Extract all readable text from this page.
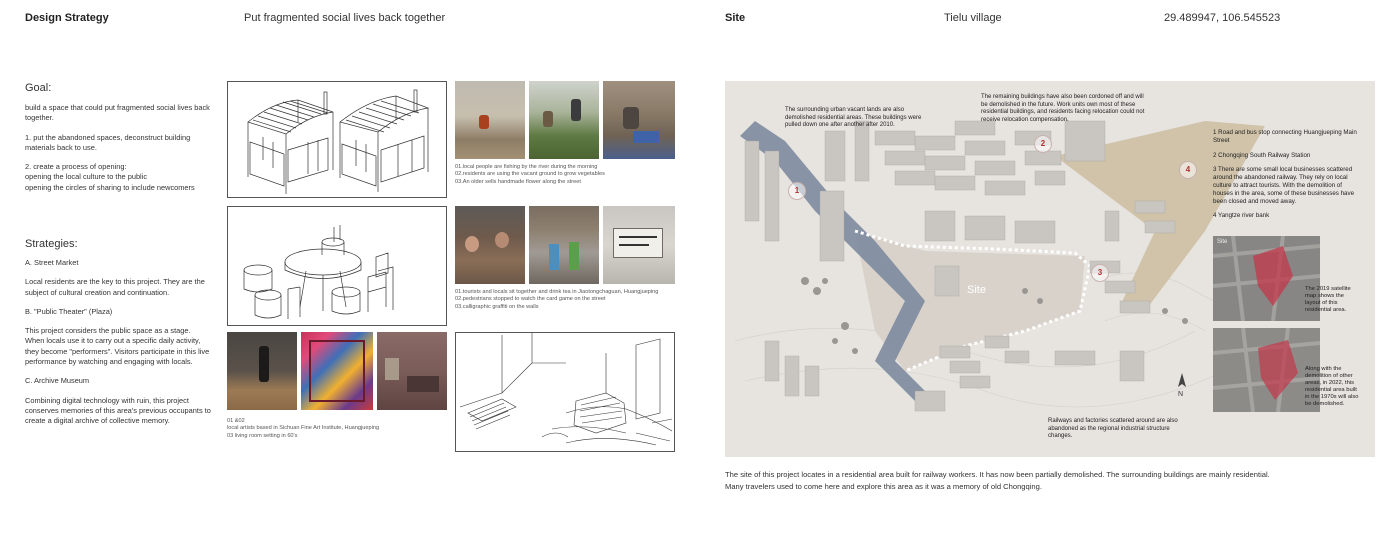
Design Strategy	Put fragmented social lives back together	Site	Tielu village	29.489947, 106.545523
Goal:
build a space that could put fragmented social lives back together.
1. put the abandoned spaces, deconstruct building materials back to use.
2. create a process of opening:
opening the local culture to the public
opening the circles of sharing to include newcomers
Strategies:
A. Street Market
Local residents are the key to this project. They are the subject of cultural creation and continuation.
B. "Public Theater" (Plaza)
This project considers the public space as a stage. When locals use it to carry out a specific daily activity, they become "performers". Visitors participate in this live performance by watching and engaging with locals.
C. Archive Museum
Combining digital technology with ruin, this project conserves memories of this area's previous occupants to create a digital archive of collective memory.
01.local people are fishing by the river during the morning
02.residents are using the vacant ground to grow vegetables
03.An older sells handmade flower along the street
01.tourists and locals sit together and drink tea in Jiaotongchaguan, Huangjueping
02.pedestrians stopped to watch the card game on the street
03.calligraphic graffiti on the walls
01 &02
local artists based in Sichuan Fine Art Institute, Huangjueping
03 living room setting in 60's
The surrounding urban vacant lands are also demolished residential areas. These buildings were pulled down one after another after 2010.
The remaining buildings have also been cordoned off and will be demolished in the future. Work units own most of these residential buildings, and residents facing relocation could not receive relocation compensation.
Railways and factories scattered around are also abandoned as the regional industrial structure changes.
Site
N
1
2
3
4

1 Road and bus stop connecting Huangjueping Main Street

2 Chongqing South Railway Station

3 There are some small local businesses scattered around the abandoned railway. They rely on local culture to attract tourists. With the demolition of houses in the area, some of these businesses have been closed and moved away.

4 Yangtze river bank

Site
The 2019 satellite map shows the layout of this residential area.
Along with the demolition of other areas, in 2022, this residential area built in the 1970s will also be demolished.
The site of this project locates in a residential area built for railway workers. It has now been partially demolished. The surrounding buildings are mainly residential. Many travelers used to come here and explore this area as it was a memory of old Chongqing.
